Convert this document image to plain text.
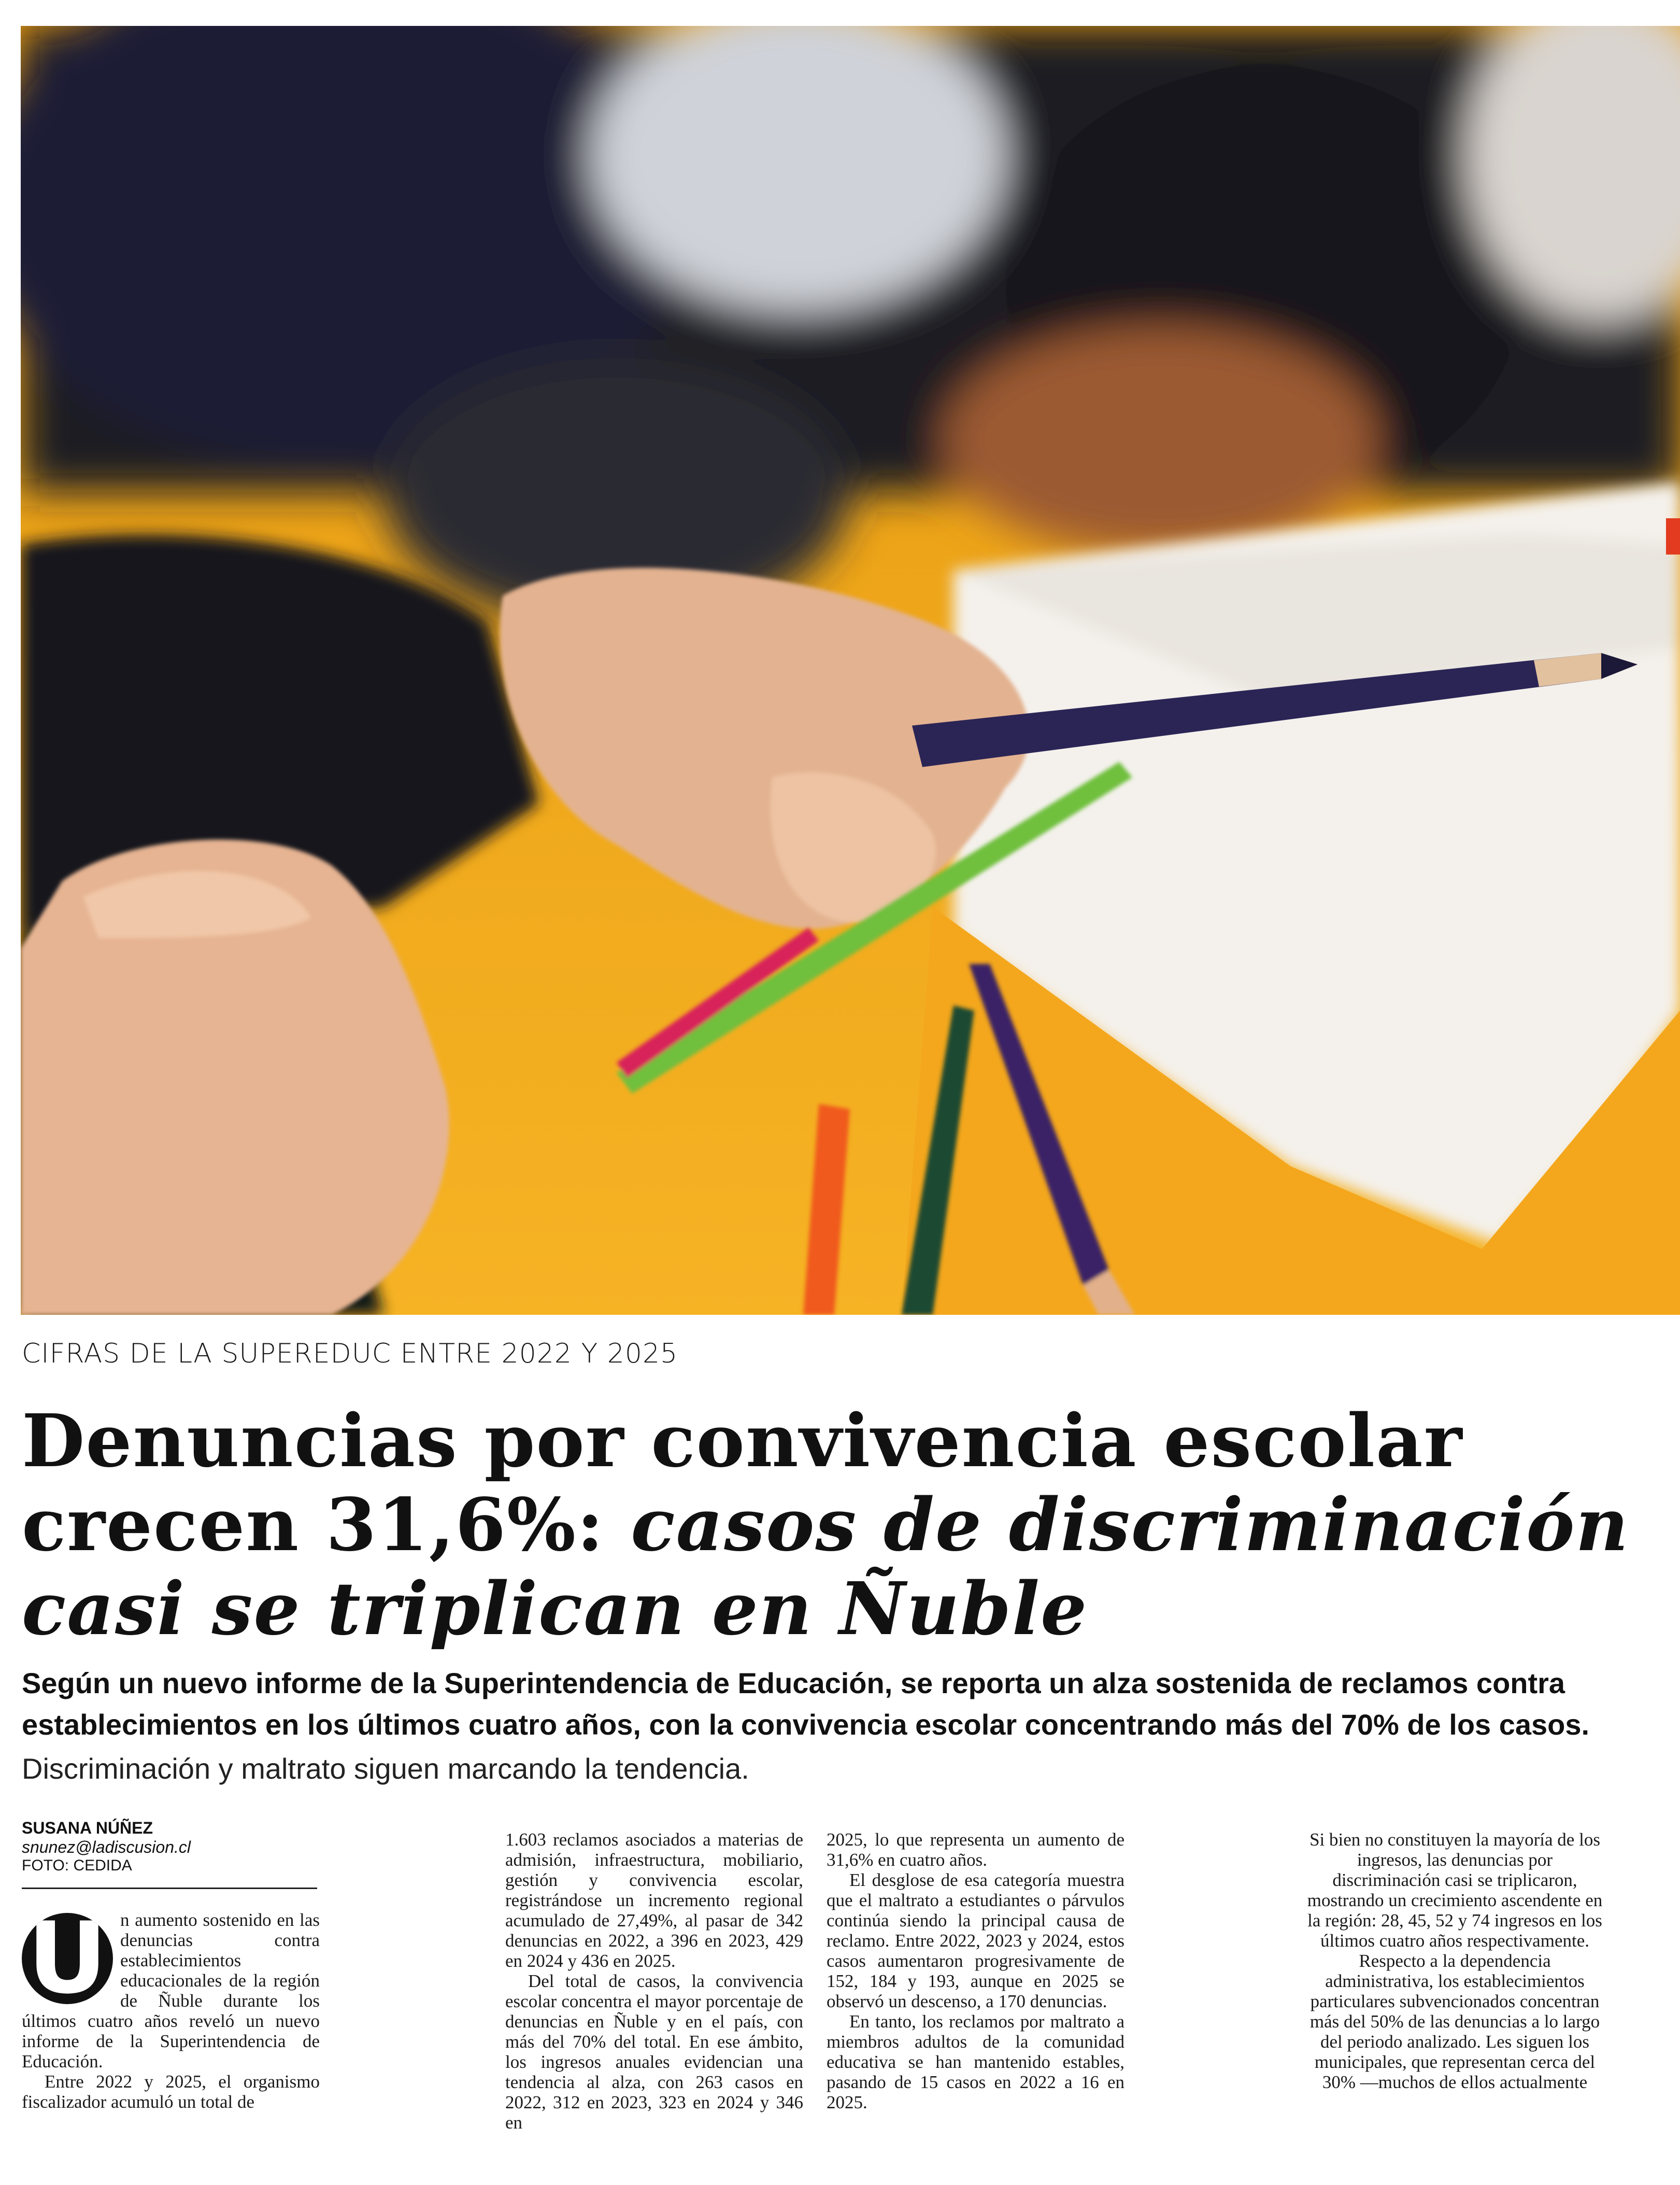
CIFRAS DE LA SUPEREDUC ENTRE 2022 Y 2025
Denuncias por convivencia escolar
crecen 31,6%: casos de discriminación
casi se triplican en Ñuble
Según un nuevo informe de la Superintendencia de Educación, se reporta un alza sostenida de reclamos contra establecimientos en los últimos cuatro años, con la convivencia escolar concentrando más del 70% de los casos.
Discriminación y maltrato siguen marcando la tendencia.
SUSANA NÚÑEZ
snunez@ladiscusion.cl
FOTO: CEDIDA

U n aumento sostenido en las denuncias contra establecimientos educacionales de la región de Ñuble durante los últimos cuatro años reveló un nuevo informe de la Superintendencia de Educación.

Entre 2022 y 2025, el organismo fiscalizador acumuló un total de

1.603 reclamos asociados a materias de admisión, infraestructura, mobiliario, gestión y convivencia escolar, registrándose un incremento regional acumulado de 27,49%, al pasar de 342 denuncias en 2022, a 396 en 2023, 429 en 2024 y 436 en 2025.

Del total de casos, la convivencia escolar concentra el mayor porcentaje de denuncias en Ñuble y en el país, con más del 70% del total. En ese ámbito, los ingresos anuales evidencian una tendencia al alza, con 263 casos en 2022, 312 en 2023, 323 en 2024 y 346 en

2025, lo que representa un aumento de 31,6% en cuatro años.

El desglose de esa categoría muestra que el maltrato a estudiantes o párvulos continúa siendo la principal causa de reclamo. Entre 2022, 2023 y 2024, estos casos aumentaron progresivamente de 152, 184 y 193, aunque en 2025 se observó un descenso, a 170 denuncias.

En tanto, los reclamos por maltrato a miembros adultos de la comunidad educativa se han mantenido estables, pasando de 15 casos en 2022 a 16 en 2025.

Si bien no constituyen la mayoría de los ingresos, las denuncias por discriminación casi se triplicaron, mostrando un crecimiento ascendente en la región: 28, 45, 52 y 74 ingresos en los últimos cuatro años respectivamente.

Respecto a la dependencia administrativa, los establecimientos particulares subvencionados concentran más del 50% de las denuncias a lo largo del periodo analizado. Les siguen los municipales, que representan cerca del 30% —muchos de ellos actualmente
